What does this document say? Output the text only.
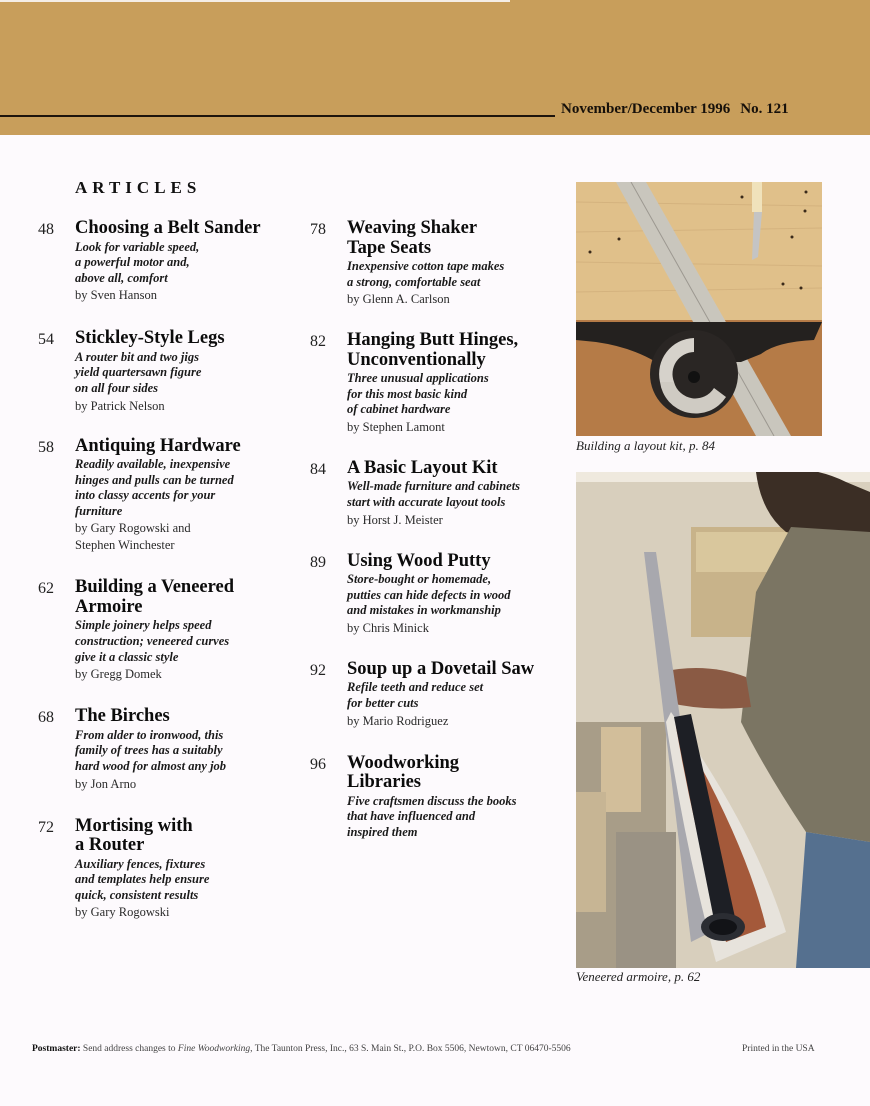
November/December 1996 No. 121
ARTICLES
48 Choosing a Belt Sander
Look for variable speed,
a powerful motor and,
above all, comfort
by Sven Hanson
54 Stickley-Style Legs
A router bit and two jigs
yield quartersawn figure
on all four sides
by Patrick Nelson
58 Antiquing Hardware
Readily available, inexpensive
hinges and pulls can be turned
into classy accents for your
furniture
by Gary Rogowski and
Stephen Winchester
62 Building a Veneered
Armoire
Simple joinery helps speed
construction; veneered curves
give it a classic style
by Gregg Domek
68 The Birches
From alder to ironwood, this
family of trees has a suitably
hard wood for almost any job
by Jon Arno
72 Mortising with
a Router
Auxiliary fences, fixtures
and templates help ensure
quick, consistent results
by Gary Rogowski
78 Weaving Shaker
Tape Seats
Inexpensive cotton tape makes
a strong, comfortable seat
by Glenn A. Carlson
82 Hanging Butt Hinges,
Unconventionally
Three unusual applications
for this most basic kind
of cabinet hardware
by Stephen Lamont
84 A Basic Layout Kit
Well-made furniture and cabinets
start with accurate layout tools
by Horst J. Meister
89 Using Wood Putty
Store-bought or homemade,
putties can hide defects in wood
and mistakes in workmanship
by Chris Minick
92 Soup up a Dovetail Saw
Refile teeth and reduce set
for better cuts
by Mario Rodriguez
96 Woodworking
Libraries
Five craftsmen discuss the books
that have influenced and
inspired them
Building a layout kit, p. 84
Veneered armoire, p. 62
Postmaster: Send address changes to Fine Woodworking, The Taunton Press, Inc., 63 S. Main St., P.O. Box 5506, Newtown, CT 06470-5506	Printed in the USA
